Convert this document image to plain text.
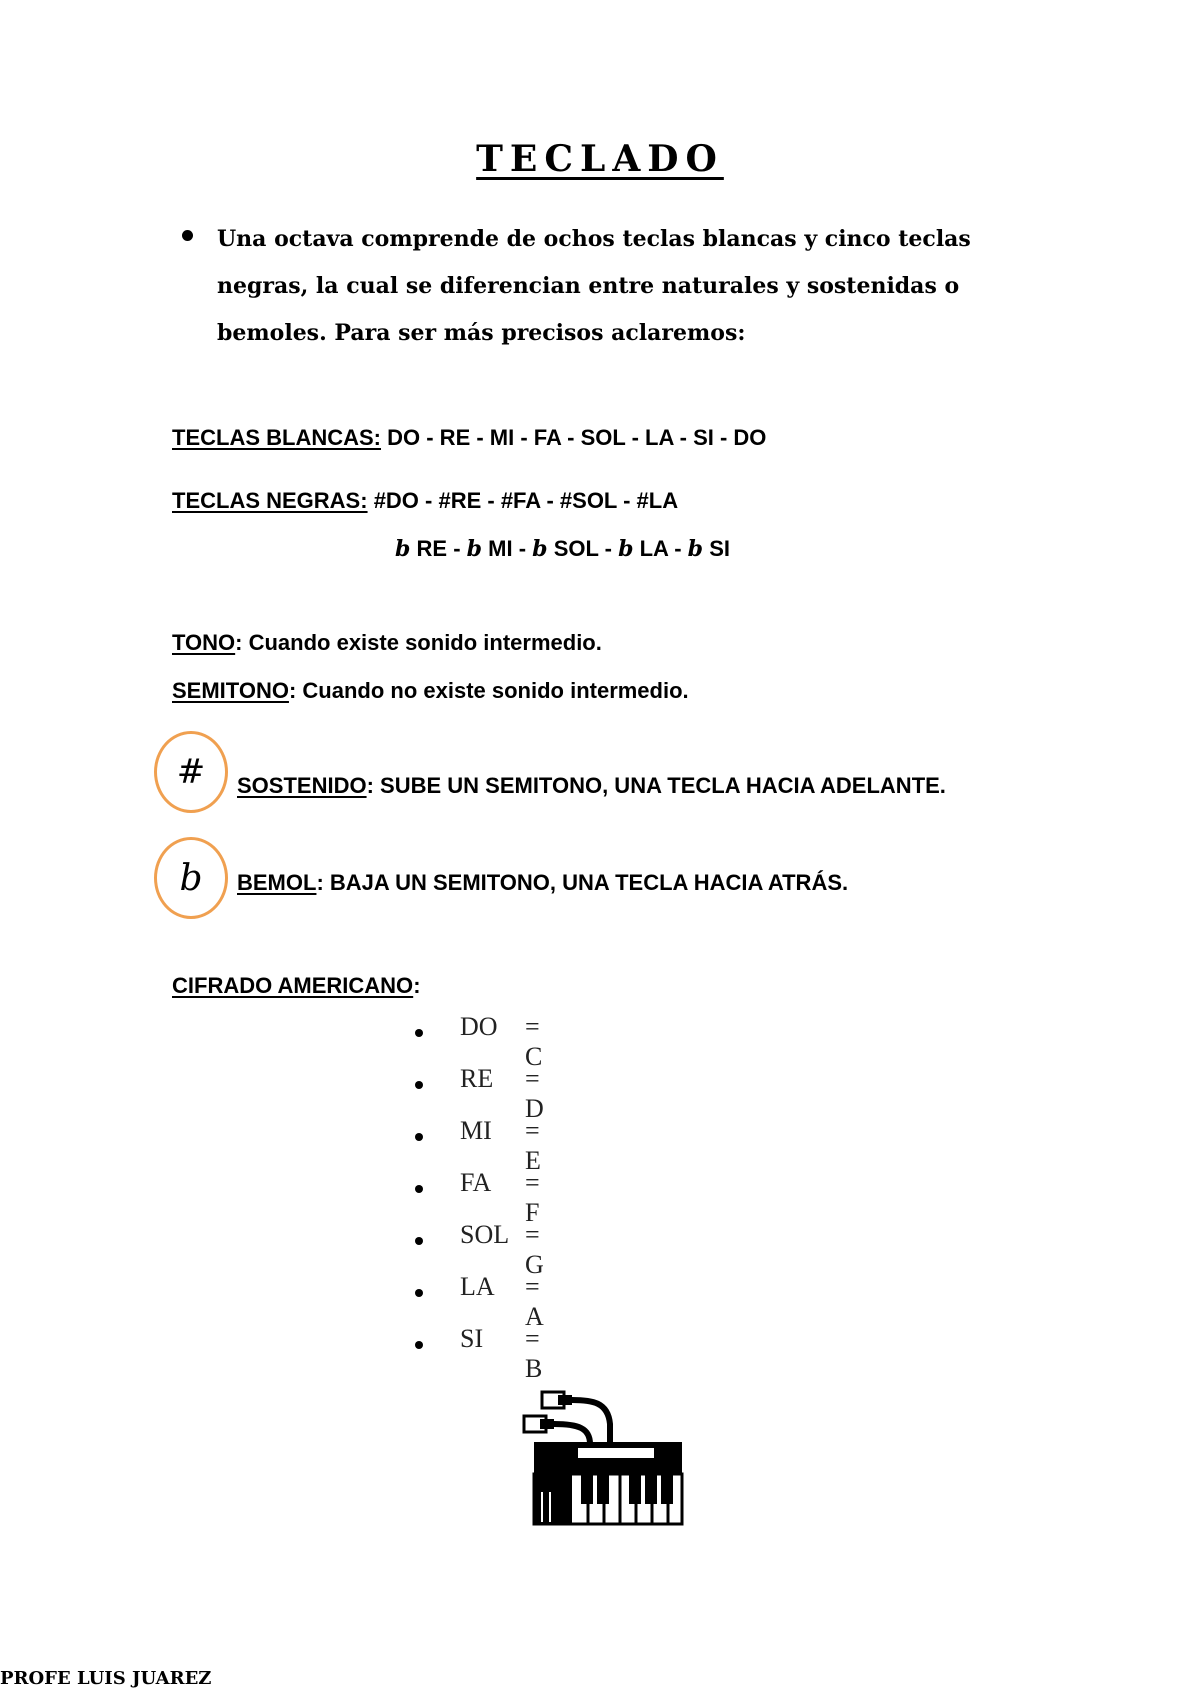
TECLADO

Una octava comprende de ochos teclas blancas y cinco teclas negras, la cual se diferencian entre naturales y sostenidas o bemoles. Para ser más precisos aclaremos:

TECLAS BLANCAS: DO - RE - MI - FA - SOL - LA - SI - DO
TECLAS NEGRAS: #DO - #RE - #FA - #SOL - #LA
b RE - b MI - b SOL - b LA - b SI
TONO: Cuando existe sonido intermedio.
SEMITONO: Cuando no existe sonido intermedio.
# SOSTENIDO: SUBE UN SEMITONO, UNA TECLA HACIA ADELANTE.
b BEMOL: BAJA UN SEMITONO, UNA TECLA HACIA ATRÁS.
CIFRADO AMERICANO:
DO = C
RE = D
MI = E
FA = F
SOL = G
LA = A
SI = B
PROFE LUIS JUAREZ
